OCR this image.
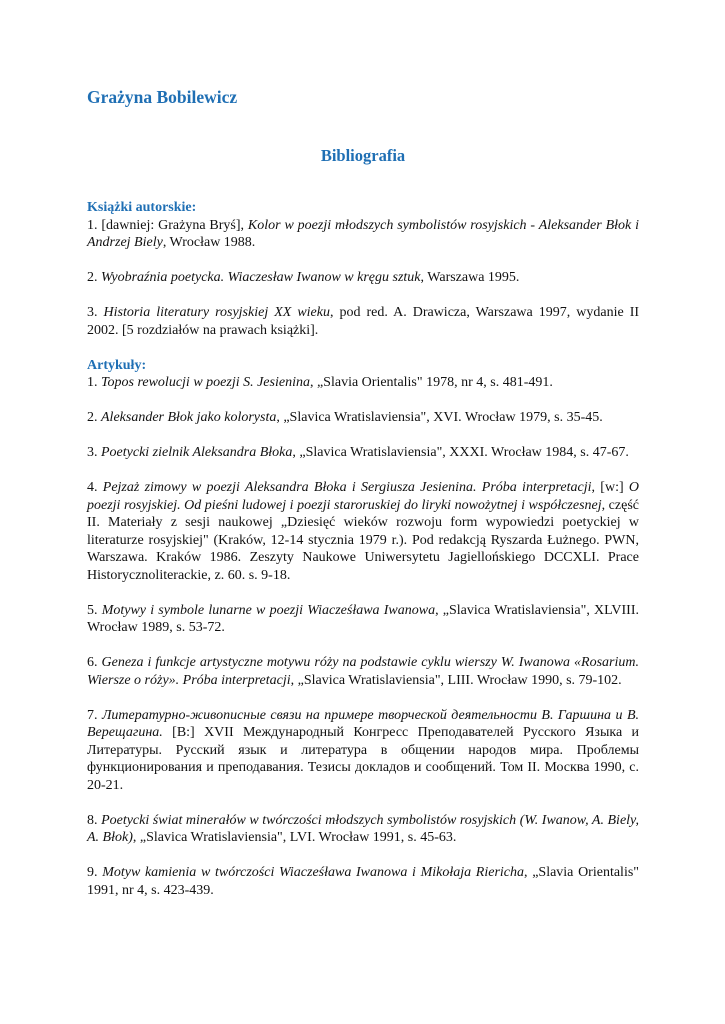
Grażyna Bobilewicz

Bibliografia

Książki autorskie:

1. [dawniej: Grażyna Bryś], Kolor w poezji młodszych symbolistów rosyjskich - Aleksander Błok i Andrzej Biely, Wrocław 1988.

2. Wyobraźnia poetycka. Wiaczesław Iwanow w kręgu sztuk, Warszawa 1995.

3. Historia literatury rosyjskiej XX wieku, pod red. A. Drawicza, Warszawa 1997, wydanie II 2002. [5 rozdziałów na prawach książki].

Artykuły:

1. Topos rewolucji w poezji S. Jesienina, „Slavia Orientalis" 1978, nr 4, s. 481-491.

2. Aleksander Błok jako kolorysta, „Slavica Wratislaviensia", XVI. Wrocław 1979, s. 35-45.

3. Poetycki zielnik Aleksandra Błoka, „Slavica Wratislaviensia", XXXI. Wrocław 1984, s. 47-67.

4. Pejzaż zimowy w poezji Aleksandra Błoka i Sergiusza Jesienina. Próba interpretacji, [w:] O poezji rosyjskiej. Od pieśni ludowej i poezji staroruskiej do liryki nowożytnej i współczesnej, część II. Materiały z sesji naukowej „Dziesięć wieków rozwoju form wypowiedzi poetyckiej w literaturze rosyjskiej" (Kraków, 12-14 stycznia 1979 r.). Pod redakcją Ryszarda Łużnego. PWN, Warszawa. Kraków 1986. Zeszyty Naukowe Uniwersytetu Jagiellońskiego DCCXLI. Prace Historycznoliterackie, z. 60. s. 9-18.

5. Motywy i symbole lunarne w poezji Wiacześława Iwanowa, „Slavica Wratislaviensia", XLVIII. Wrocław 1989, s. 53-72.

6. Geneza i funkcje artystyczne motywu róży na podstawie cyklu wierszy W. Iwanowa «Rosarium. Wiersze o róży». Próba interpretacji, „Slavica Wratislaviensia", LIII. Wrocław 1990, s. 79-102.

7. Литературно-живописные связи на примере творческой деятельности В. Гаршина и В. Верещагина. [В:] XVII Международный Конгресс Преподавателей Русского Языка и Литературы. Русский язык и литература в общении народов мира. Проблемы функционирования и преподавания. Тезисы докладов и сообщений. Том II. Москва 1990, с. 20-21.

8. Poetycki świat minerałów w twórczości młodszych symbolistów rosyjskich (W. Iwanow, A. Biely, A. Błok), „Slavica Wratislaviensia", LVI. Wrocław 1991, s. 45-63.

9. Motyw kamienia w twórczości Wiacześława Iwanowa i Mikołaja Riericha, „Slavia Orientalis" 1991, nr 4, s. 423-439.
